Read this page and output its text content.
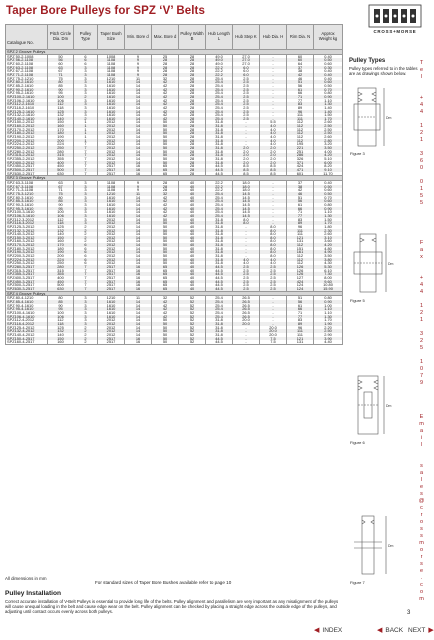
Taper Bore Pulleys for SPZ ‘V’ Belts
CROSS+MORSE
Catalogue No.	Pitch Circle Dia. Dm	Pulley Type	Taper Bush Size	Min. Bore d	Max. Bore d	Pulley Width B	Hub Length L	Hub Step K	Hub Dia. H	Rim Dia. N	Approx Weight kg
SPZ 2 Groove Pulleys											
SPZ 50-2-1008	50	6	1008	9	25	28	49.0	27.0	-	60	0.40
SPZ 56-2-1108	56	6	1108	9	28	28	49.0	27.0	-	60	0.50
SPZ 60-2-1108	60	6	1108	9	28	28	49.0	27.0	-	64	0.60
SPZ 63-2-1108	63	3	1108	9	28	28	22.2	6.0	-	37	0.30
SPZ 67-2-1108	67	3	1108	9	28	28	22.2	6.0	-	38	0.40
SPZ 71-2-1108	71	3	1108	9	28	28	22.2	6.0	-	42	0.40
SPZ 75-2-1210	75	3	1210	11	32	28	25.4	2.5	-	46	0.40
SPZ 80-2-1610	80	3	1610	14	42	28	25.4	2.5	-	51	0.60
SPZ 85-2-1610	85	3	1610	14	42	28	25.4	2.5	-	56	0.50
SPZ 90-2-1610	90	3	1610	14	42	28	25.4	2.5	-	61	0.70
SPZ 95-2-1610	95	3	1610	14	42	28	25.4	2.5	-	66	0.80
SPZ100-2-1610	100	2	1610	14	42	28	25.4	2.5	-	71	0.90
SPZ106-2-1610	106	3	1610	14	42	28	25.4	2.5	-	77	1.10
SPZ112-2-1610	112	3	1610	14	42	28	25.4	2.5	-	83	1.30
SPZ118-2-1610	118	3	1610	14	42	28	25.4	2.5	-	89	1.40
SPZ125-2-1610	125	3	1610	14	42	28	25.4	2.5	-	96	1.40
SPZ132-2-1610	132	3	1610	14	42	28	25.4	2.5	-	111	1.50
SPZ140-2-1610	140	2	1610	14	42	28	25.4	2.5	-	111	1.70
SPZ150-2-2012	150	1	2012	14	50	28	31.8	-	5.5	112	2.60
SPZ160-2-2012	160	1	2012	14	50	28	31.8	-	4.0	112	2.50
SPZ170-2-2012	170	1	2012	14	50	28	31.8	-	4.0	112	2.50
SPZ180-2-2012	180	1	2012	14	50	28	31.8	-	4.0	112	2.50
SPZ190-2-2012	190	1	2012	14	50	28	31.8	-	4.0	112	2.60
SPZ200-2-2012	200	1	2012	14	50	28	31.8	-	4.0	112	2.80
SPZ224-2-2012	224	7	2012	14	50	28	31.8	-	4.0	195	3.20
SPZ250-2-2012	250	7	2012	14	50	28	31.8	2.0	2.0	221	3.50
SPZ280-2-2012	280	7	2012	14	50	28	31.8	2.0	2.0	251	4.00
SPZ315-2-2012	315	7	2012	14	50	28	31.8	2.0	2.0	286	4.20
SPZ355-2-2012	355	7	2012	14	50	28	31.8	2.0	2.0	326	5.10
SPZ400-2-2012	400	7	2012	14	50	28	31.8	2.0	2.0	371	6.00
SPZ450-2-2517	450	7	2517	16	65	28	44.5	8.5	8.5	424	8.20
SPZ500-2-2517	500	7	2517	16	65	28	44.5	8.5	8.5	471	9.10
SPZ630-2-2517	630	7	2517	16	65	28	44.5	8.5	8.5	601	11.70
SPZ 3 Groove Pulleys											
SPZ 63-3-1108	63	3	1108	9	28	40	22.2	18.0	-	37	0.40
SPZ 67-3-1108	67	3	1108	9	28	40	22.2	18.0	-	38	0.50
SPZ 71-3-1108	71	3	1108	9	28	40	22.2	18.0	-	42	0.60
SPZ 75-3-1210	75	3	1210	11	32	40	25.4	14.5	-	46	0.50
SPZ 80-3-1610	80	3	1610	14	42	40	25.4	14.5	-	51	0.70
SPZ 85-3-1610	85	3	1610	14	42	40	25.4	14.5	-	56	0.60
SPZ 90-3-1610	90	3	1610	14	42	40	25.4	14.5	-	61	0.80
SPZ 95-3-1610	95	3	1610	14	42	40	25.4	14.5	-	66	0.90
SPZ100-3-1610	100	3	1610	14	42	40	25.4	14.5	-	71	1.10
SPZ106-3-1610	106	3	1610	14	42	40	25.4	14.5	-	77	1.30
SPZ112-3-2012	112	3	2012	14	50	40	31.8	8.0	-	83	1.50
SPZ118-3-2012	118	3	2012	14	50	40	31.8	8.0	-	89	1.70
SPZ125-3-2012	125	2	2012	14	50	40	31.8	-	8.0	96	1.80
SPZ132-3-2012	132	2	2012	14	50	40	31.8	-	8.0	111	2.30
SPZ140-3-2012	140	2	2012	14	50	40	31.8	-	8.0	111	2.60
SPZ150-3-2012	150	2	2012	14	50	40	31.8	-	8.0	121	3.10
SPZ160-3-2012	160	2	2012	14	50	40	31.8	-	8.0	131	3.60
SPZ170-3-2012	170	6	2012	14	50	40	31.8	-	8.0	112	4.20
SPZ180-3-2012	180	6	2012	14	50	40	31.8	-	8.0	151	4.80
SPZ190-3-2012	190	6	2012	14	50	40	31.8	-	8.0	161	4.90
SPZ200-3-2012	200	6	2012	14	50	40	31.8	-	8.0	112	3.50
SPZ224-3-2012	224	6	2012	14	50	40	31.8	4.0	4.0	112	3.80
SPZ250-3-2012	250	6	2012	14	50	40	31.8	4.0	4.0	112	4.30
SPZ280-3-2517	280	7	2517	16	65	40	44.5	2.5	2.5	126	5.30
SPZ315-3-2517	315	7	2517	16	65	40	44.5	2.5	2.5	126	6.10
SPZ355-3-2517	355	7	2517	16	65	40	44.5	2.5	2.5	126	7.30
SPZ400-3-2517	400	7	2517	16	65	40	44.5	2.5	2.5	127	8.00
SPZ450-3-2517	450	7	2517	16	65	40	44.5	2.5	2.5	424	9.60
SPZ500-3-2517	500	7	2517	16	65	40	44.5	2.5	2.5	124	10.80
SPZ630-3-2517	630	7	2517	16	65	40	44.5	2.5	2.5	124	15.90
SPZ 4 Groove Pulleys											
SPZ 80-4-1210	80	3	1210	11	32	52	25.4	26.5	-	51	0.80
SPZ 85-4-1610	85	3	1610	14	42	52	25.4	26.5	-	56	0.90
SPZ 90-4-1610	90	3	1610	14	42	52	25.4	26.5	-	61	1.00
SPZ 95-4-1610	95	3	1610	14	42	52	25.4	26.5	-	66	1.10
SPZ100-4-1610	100	3	1610	14	42	52	25.4	26.5	-	71	1.10
SPZ106-4-1610	106	3	1610	14	42	52	25.4	26.5	-	77	1.30
SPZ112-4-2012	112	3	2012	14	50	52	31.8	20.0	-	83	1.70
SPZ118-4-2012	118	3	2012	14	50	52	31.8	20.0	-	89	1.90
SPZ125-4-2012	125	2	2012	14	50	52	31.8	-	20.0	96	2.20
SPZ132-4-2012	132	2	2012	14	50	52	31.8	-	20.0	111	2.50
SPZ140-4-2012	140	2	2012	14	50	52	31.8	-	20.0	111	2.90
SPZ150-4-2517	150	2	2517	16	50	52	44.5	-	7.5	121	3.90
SPZ160-4-2517	160	2	2517	16	50	52	44.5	-	7.5	131	4.40
All dimensions in mm
For standard sizes of Taper Bore Bushes available refer to page 10
Pulley Installation
Correct accurate installation of V-Belt Pulleys is essential to provide long life of the belts. Pulley alignment and parallelism are very important as any misalignment of the pulleys will cause unequal loading in the belt and cause edge wear on the belt. Pulley alignment can be checked by placing a straight edge across the outside edge of the pulleys, and adjusting until contact occurs evenly across both pulleys.
Pulley Types
Pulley types referred to in the tables are as drawings shown below.
Dm
Figure 3
Dm
Figure 5
Dm
Figure 6
Dm
Figure 7
T
e
l

+
4
4

1
2
1

3
6
0

0
1
5
5
F
a
x

+
4
4

1
2
1

3
2
5

1
0
7
9
E
m
a
i
l

s
a
l
e
s
@
c
r
o
s
s
m
o
r
s
e
.
c
o
m
3
◀ INDEX	◀ BACK NEXT ▶
